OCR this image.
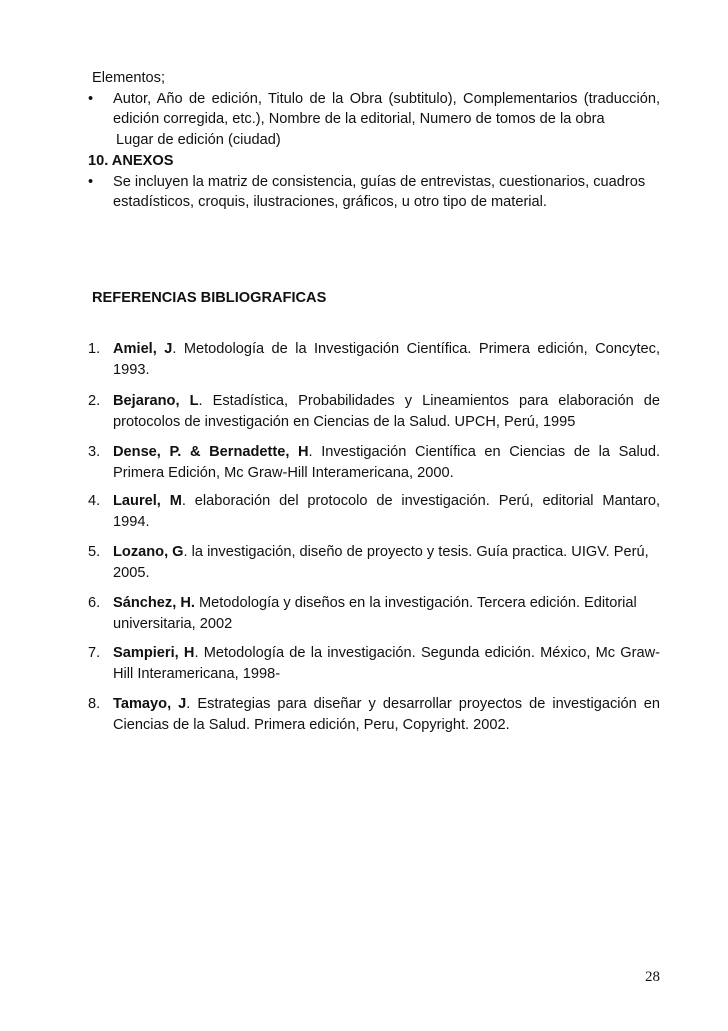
Elementos;
•	Autor, Año de edición, Titulo de la Obra (subtitulo), Complementarios (traducción,
edición corregida, etc.), Nombre de la editorial, Numero de tomos de la obra
Lugar de edición (ciudad)
10. ANEXOS
•	Se incluyen la matriz de consistencia, guías de entrevistas, cuestionarios, cuadros
estadísticos, croquis, ilustraciones, gráficos, u otro tipo de material.
REFERENCIAS BIBLIOGRAFICAS
1. Amiel, J. Metodología de la Investigación Científica. Primera edición, Concytec,
1993.
2. Bejarano, L. Estadística, Probabilidades y Lineamientos para elaboración de
protocolos de investigación en Ciencias de la Salud. UPCH, Perú, 1995
3. Dense, P. & Bernadette, H. Investigación Científica en Ciencias de la Salud.
Primera Edición, Mc Graw-Hill Interamericana, 2000.
4. Laurel, M. elaboración del protocolo de investigación. Perú, editorial Mantaro,
1994.
5. Lozano, G. la investigación, diseño de proyecto y tesis. Guía practica. UIGV. Perú,
2005.
6. Sánchez, H. Metodología y diseños en la investigación. Tercera edición. Editorial
universitaria, 2002
7. Sampieri, H. Metodología de la investigación. Segunda edición. México, Mc Graw-
Hill Interamericana, 1998-
8. Tamayo, J. Estrategias para diseñar y desarrollar proyectos de investigación en
Ciencias de la Salud. Primera edición, Peru, Copyright. 2002.
28
